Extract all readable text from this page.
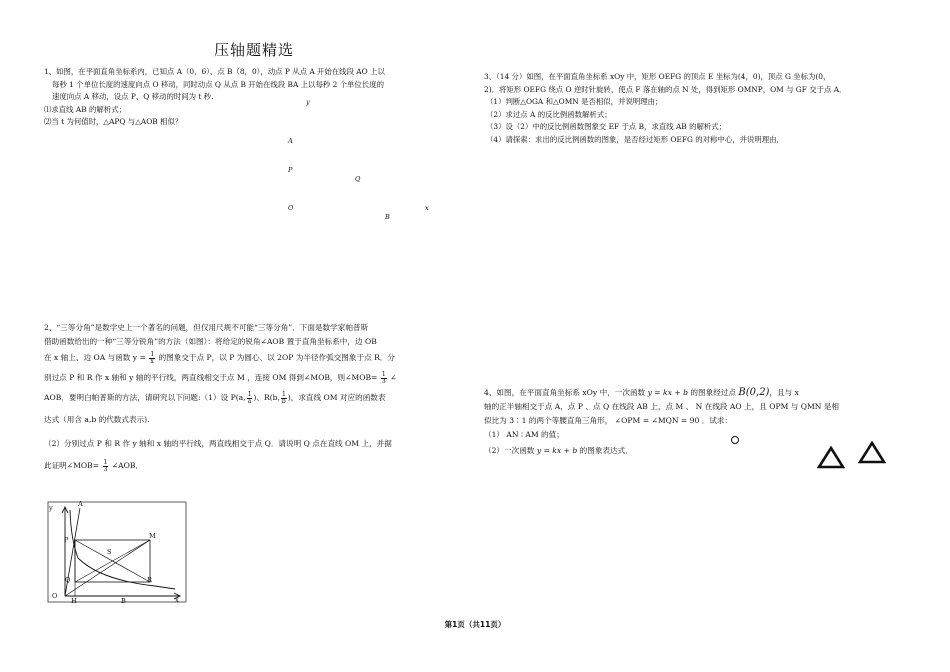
压轴题精选
1、如图，在平面直角坐标系内，已知点 A（0，6）、点 B（8，0），动点 P 从点 A 开始在线段 AO 上以
每秒 1 个单位长度的速度向点 O 移动，同时动点 Q 从点 B 开始在线段 BA 上以每秒 2 个单位长度的
速度向点 A 移动，设点 P、Q 移动的时间为 t 秒.
⑴求直线 AB 的解析式；
⑵当 t 为何值时，△APQ 与△AOB 相似？
y
A
P
Q
O	x
B
2、“三等分角”是数学史上一个著名的问题，但仅用尺规不可能“三等分角”．下面是数学家帕普斯
借助函数给出的一种“三等分锐角”的方法（如图）：将给定的锐角∠AOB 置于直角坐标系中，边 OB
在 x 轴上、边 OA 与函数 $y = \frac{1}{x}$ 的图象交于点 P，以 P 为圆心、以 2OP 为半径作弧交图象于点 R．分
别过点 P 和 R 作 x 轴和 y 轴的平行线，两直线相交于点 M ，连接 OM 得到∠MOB，则∠MOB= $\frac{1}{3}$ ∠
AOB．要明白帕普斯的方法，请研究以下问题:（1）设 P(a, $\frac{1}{a}$)、R(b, $\frac{1}{b}$)，求直线 OM 对应的函数表
达式（用含 a,b 的代数式表示).
（2）分别过点 P 和 R 作 y 轴和 x 轴的平行线，两直线相交于点 Q．请说明 Q 点在直线 OM 上，并据
此证明∠MOB= $\frac{1}{3}$ ∠AOB．
y	A
P	M
S
Q	R
O
H	B	x
3、（14 分）如图，在平面直角坐标系 xOy 中，矩形 OEFG 的顶点 E 坐标为(4，0)，顶点 G 坐标为(0，
2)．将矩形 OEFG 绕点 O 逆时针旋转，使点 F 落在轴的点 N 处，得到矩形 OMNP，OM 与 GF 交于点 A．
（1）判断△OGA 和△OMN 是否相似，并说明理由；
（2）求过点 A 的反比例函数解析式；
（3）设（2）中的反比例函数图象交 EF 于点 B，求直线 AB 的解析式；
（4）请探索：求出的反比例函数的图象，是否经过矩形 OEFG 的对称中心，并说明理由．
4、如图，在平面直角坐标系 xOy 中，一次函数 y = kx + b 的图象经过点 B(0,2)，且与 x
轴的正半轴相交于点 A，点 P 、点 Q 在线段 AB 上，点 M 、 N 在线段 AO 上，且 OPM 与 QMN 是相
似比为 3∶1 的两个等腰直角三角形， ∠OPM = ∠MQN = 90 ．试求：
（1） AN ∶ AM 的值；
（2）一次函数 y = kx + b 的图象表达式．
第1页（共11页）
